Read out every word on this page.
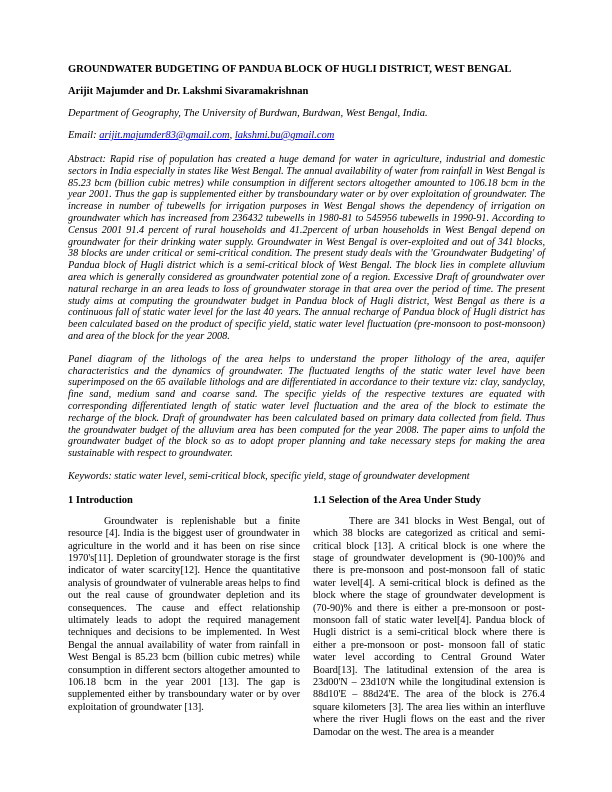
GROUNDWATER BUDGETING OF PANDUA BLOCK OF HUGLI DISTRICT, WEST BENGAL
Arijit Majumder and Dr. Lakshmi Sivaramakrishnan
Department of Geography, The University of Burdwan, Burdwan, West Bengal, India.
Email: arijit.majumder83@gmail.com, lakshmi.bu@gmail.com

Abstract: Rapid rise of population has created a huge demand for water in agriculture, industrial and domestic sectors in India especially in states like West Bengal. The annual availability of water from rainfall in West Bengal is 85.23 bcm (billion cubic metres) while consumption in different sectors altogether amounted to 106.18 bcm in the year 2001. Thus the gap is supplemented either by transboundary water or by over exploitation of groundwater. The increase in number of tubewells for irrigation purposes in West Bengal shows the dependency of irrigation on groundwater which has increased from 236432 tubewells in 1980-81 to 545956 tubewells in 1990-91. According to Census 2001 91.4 percent of rural households and 41.2percent of urban households in West Bengal depend on groundwater for their drinking water supply. Groundwater in West Bengal is over-exploited and out of 341 blocks, 38 blocks are under critical or semi-critical condition. The present study deals with the 'Groundwater Budgeting' of Pandua block of Hugli district which is a semi-critical block of West Bengal. The block lies in complete alluvium area which is generally considered as groundwater potential zone of a region. Excessive Draft of groundwater over natural recharge in an area leads to loss of groundwater storage in that area over the period of time. The present study aims at computing the groundwater budget in Pandua block of Hugli district, West Bengal as there is a continuous fall of static water level for the last 40 years. The annual recharge of Pandua block of Hugli district has been calculated based on the product of specific yield, static water level fluctuation (pre-monsoon to post-monsoon) and area of the block for the year 2008.

Panel diagram of the lithologs of the area helps to understand the proper lithology of the area, aquifer characteristics and the dynamics of groundwater. The fluctuated lengths of the static water level have been superimposed on the 65 available lithologs and are differentiated in accordance to their texture viz: clay, sandyclay, fine sand, medium sand and coarse sand. The specific yields of the respective textures are equated with corresponding differentiated length of static water level fluctuation and the area of the block to estimate the recharge of the block. Draft of groundwater has been calculated based on primary data collected from field. Thus the groundwater budget of the alluvium area has been computed for the year 2008. The paper aims to unfold the groundwater budget of the block so as to adopt proper planning and take necessary steps for making the area sustainable with respect to groundwater.

Keywords: static water level, semi-critical block, specific yield, stage of groundwater development

1 Introduction

Groundwater is replenishable but a finite resource [4]. India is the biggest user of groundwater in agriculture in the world and it has been on rise since 1970's[11]. Depletion of groundwater storage is the first indicator of water scarcity[12]. Hence the quantitative analysis of groundwater of vulnerable areas helps to find out the real cause of groundwater depletion and its consequences. The cause and effect relationship ultimately leads to adopt the required management techniques and decisions to be implemented. In West Bengal the annual availability of water from rainfall in West Bengal is 85.23 bcm (billion cubic metres) while consumption in different sectors altogether amounted to 106.18 bcm in the year 2001 [13]. The gap is supplemented either by transboundary water or by over exploitation of groundwater [13].

1.1 Selection of the Area Under Study

There are 341 blocks in West Bengal, out of which 38 blocks are categorized as critical and semi-critical block [13]. A critical block is one where the stage of groundwater development is (90-100)% and there is pre-monsoon and post-monsoon fall of static water level[4]. A semi-critical block is defined as the block where the stage of groundwater development is (70-90)% and there is either a pre-monsoon or post-monsoon fall of static water level[4]. Pandua block of Hugli district is a semi-critical block where there is either a pre-monsoon or post- monsoon fall of static water level according to Central Ground Water Board[13]. The latitudinal extension of the area is 23d00'N – 23d10'N while the longitudinal extension is 88d10'E – 88d24'E. The area of the block is 276.4 square kilometers [3]. The area lies within an interfluve where the river Hugli flows on the east and the river Damodar on the west. The area is a meander
